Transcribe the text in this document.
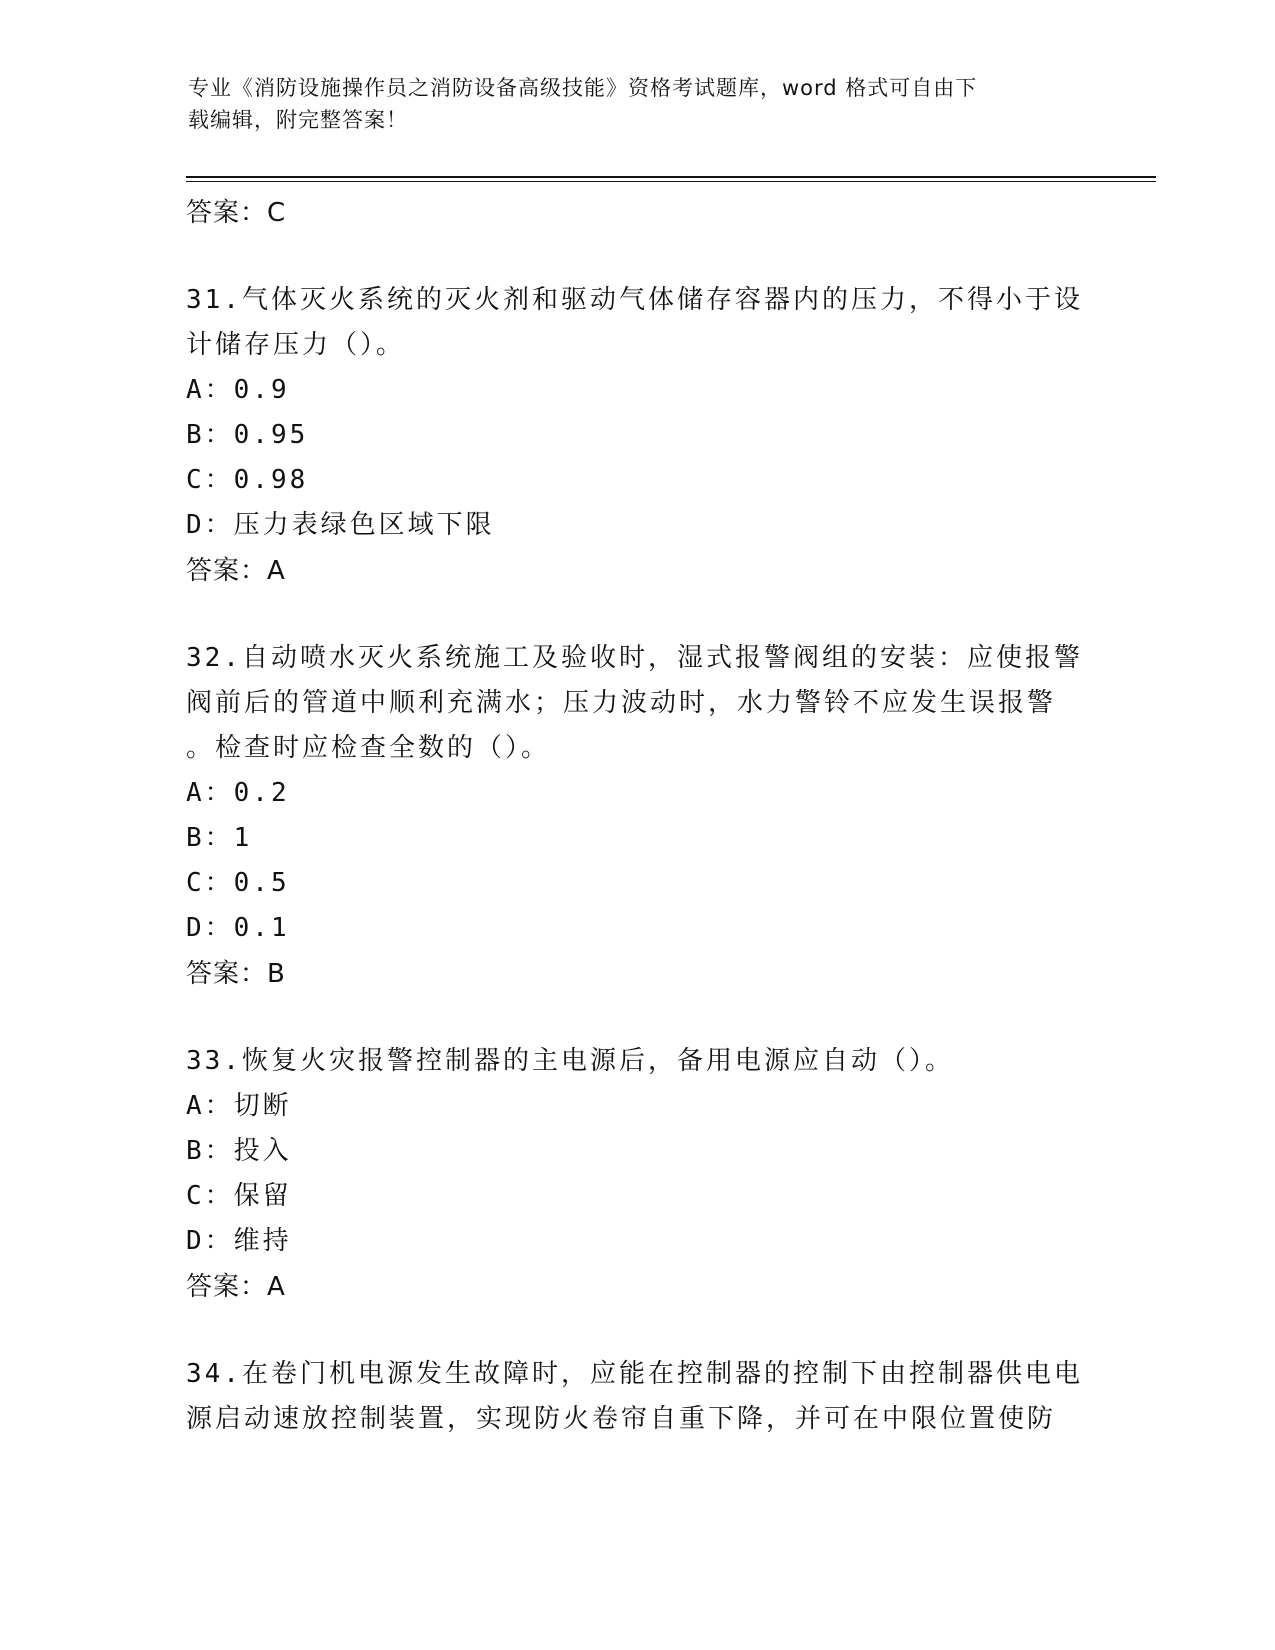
专业《消防设施操作员之消防设备高级技能》资格考试题库，word 格式可自由下
载编辑，附完整答案！
答案：C
31.气体灭火系统的灭火剂和驱动气体储存容器内的压力，不得小于设
计储存压力（）。
A：0.9
B：0.95
C：0.98
D：压力表绿色区域下限
答案：A
32.自动喷水灭火系统施工及验收时，湿式报警阀组的安装：应使报警
阀前后的管道中顺利充满水；压力波动时，水力警铃不应发生误报警
。检查时应检查全数的（）。
A：0.2
B：1
C：0.5
D：0.1
答案：B
33.恢复火灾报警控制器的主电源后，备用电源应自动（）。
A：切断
B：投入
C：保留
D：维持
答案：A
34.在卷门机电源发生故障时，应能在控制器的控制下由控制器供电电
源启动速放控制装置，实现防火卷帘自重下降，并可在中限位置使防
